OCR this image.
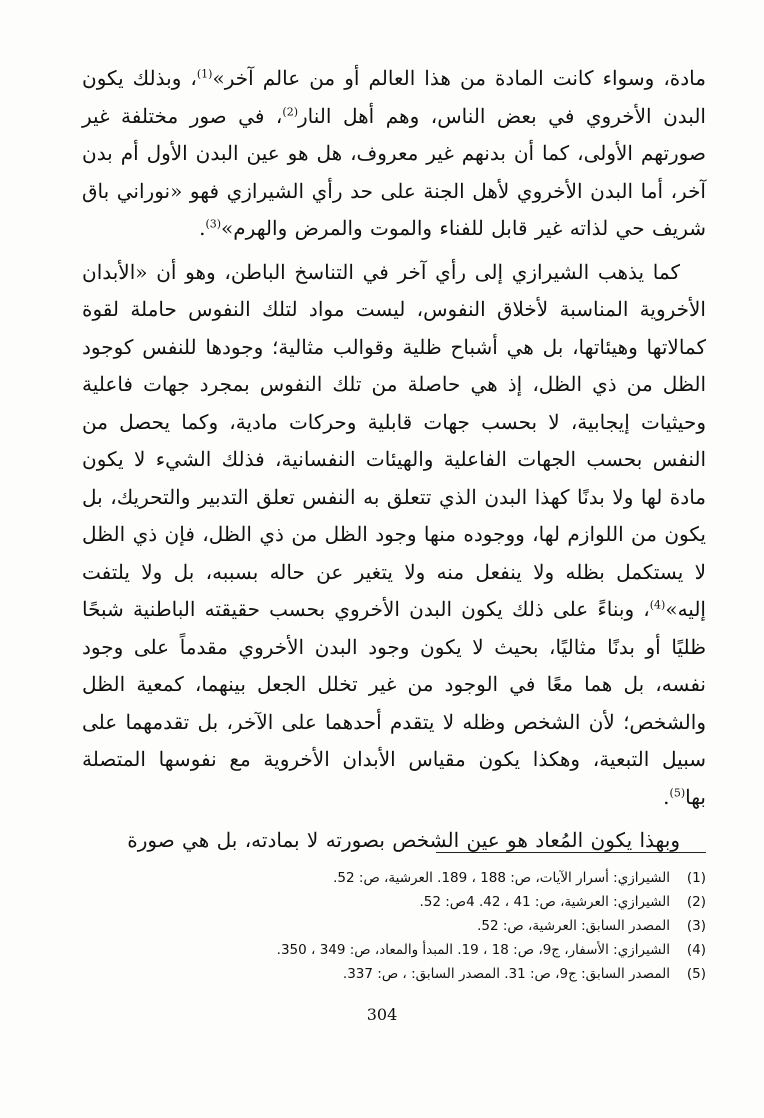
مادة، وسواء كانت المادة من هذا العالم أو من عالم آخر»$^{(1)}$، وبذلك يكون البدن الأخروي في بعض الناس، وهم أهل النار$^{(2)}$، في صور مختلفة غير صورتهم الأولى، كما أن بدنهم غير معروف، هل هو عين البدن الأول أم بدن آخر، أما البدن الأخروي لأهل الجنة على حد رأي الشيرازي فهو «نوراني باق شريف حي لذاته غير قابل للفناء والموت والمرض والهرم»$^{(3)}$.

كما يذهب الشيرازي إلى رأي آخر في التناسخ الباطن، وهو أن «الأبدان الأخروية المناسبة لأخلاق النفوس، ليست مواد لتلك النفوس حاملة لقوة كمالاتها وهيئاتها، بل هي أشباح ظلية وقوالب مثالية؛ وجودها للنفس كوجود الظل من ذي الظل، إذ هي حاصلة من تلك النفوس بمجرد جهات فاعلية وحيثيات إيجابية، لا بحسب جهات قابلية وحركات مادية، وكما يحصل من النفس بحسب الجهات الفاعلية والهيئات النفسانية، فذلك الشيء لا يكون مادة لها ولا بدنًا كهذا البدن الذي تتعلق به النفس تعلق التدبير والتحريك، بل يكون من اللوازم لها، ووجوده منها وجود الظل من ذي الظل، فإن ذي الظل لا يستكمل بظله ولا ينفعل منه ولا يتغير عن حاله بسببه، بل ولا يلتفت إليه»$^{(4)}$، وبناءً على ذلك يكون البدن الأخروي بحسب حقيقته الباطنية شبحًا ظليًا أو بدنًا مثاليًا، بحيث لا يكون وجود البدن الأخروي مقدماً على وجود نفسه، بل هما معًا في الوجود من غير تخلل الجعل بينهما، كمعية الظل والشخص؛ لأن الشخص وظله لا يتقدم أحدهما على الآخر، بل تقدمهما على سبيل التبعية، وهكذا يكون مقياس الأبدان الأخروية مع نفوسها المتصلة بها$^{(5)}$.

وبهذا يكون المُعاد هو عين الشخص بصورته لا بمادته، بل هي صورة

(1)الشيرازي: أسرار الآيات، ص: 188 ، 189. العرشية، ص: 52.
(2)الشيرازي: العرشية، ص: 41 ، 42. 4ص: 52.
(3)المصدر السابق: العرشية، ص: 52.
(4)الشيرازي: الأسفار، ج9، ص: 18 ، 19. المبدأ والمعاد، ص: 349 ، 350.
(5)المصدر السابق: ج9، ص: 31. المصدر السابق: ، ص: 337.
304
